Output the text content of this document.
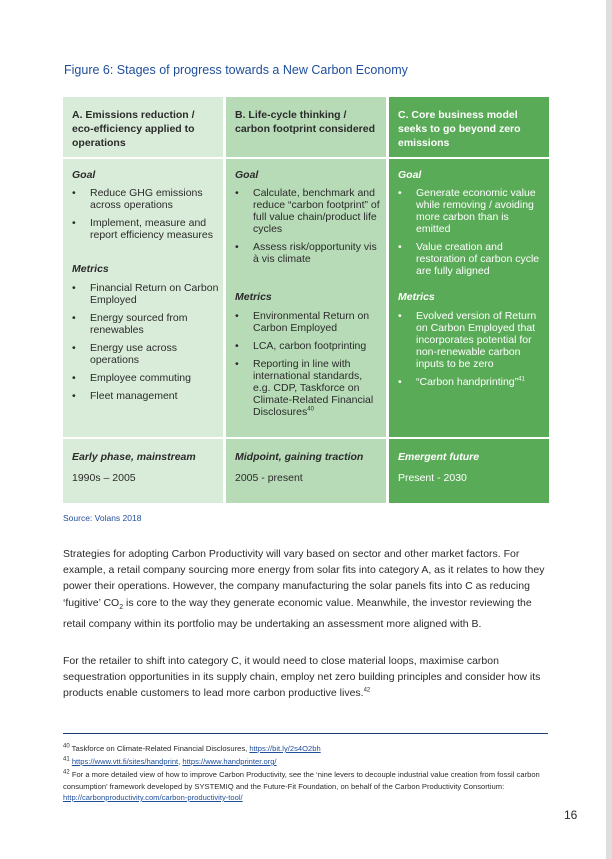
Figure 6: Stages of progress towards a New Carbon Economy
A. Emissions reduction / eco-efficiency applied to operations
Goal
• Reduce GHG emissions across operations
• Implement, measure and report efficiency measures
Metrics
• Financial Return on Carbon Employed
• Energy sourced from renewables
• Energy use across operations
• Employee commuting
• Fleet management
Early phase, mainstream
1990s – 2005
B. Life-cycle thinking / carbon footprint considered
Goal
• Calculate, benchmark and reduce “carbon footprint” of full value chain/product life cycles
• Assess risk/opportunity vis à vis climate
Metrics
• Environmental Return on Carbon Employed
• LCA, carbon footprinting
• Reporting in line with international standards, e.g. CDP, Taskforce on Climate-Related Financial Disclosures$^{40}$
Midpoint, gaining traction
2005 - present
C. Core business model seeks to go beyond zero emissions
Goal
• Generate economic value while removing / avoiding more carbon than is emitted
• Value creation and restoration of carbon cycle are fully aligned
Metrics
• Evolved version of Return on Carbon Employed that incorporates potential for non-renewable carbon inputs to be zero
• “Carbon handprinting”$^{41}$
Emergent future
Present - 2030
Source: Volans 2018

Strategies for adopting Carbon Productivity will vary based on sector and other market factors. For example, a retail company sourcing more energy from solar fits into category A, as it relates to how they power their operations. However, the company manufacturing the solar panels fits into C as reducing ‘fugitive’ $CO_2$ is core to the way they generate economic value. Meanwhile, the investor reviewing the retail company within its portfolio may be undertaking an assessment more aligned with B.

For the retailer to shift into category C, it would need to close material loops, maximise carbon sequestration opportunities in its supply chain, employ net zero building principles and consider how its products enable customers to lead more carbon productive lives.$^{42}$

$^{40}$ Taskforce on Climate-Related Financial Disclosures, https://bit.ly/2s4O2bh

$^{41}$ https://www.vtt.fi/sites/handprint, https://www.handprinter.org/

$^{42}$ For a more detailed view of how to improve Carbon Productivity, see the ‘nine levers to decouple industrial value creation from fossil carbon consumption’ framework developed by SYSTEMIQ and the Future-Fit Foundation, on behalf of the Carbon Productivity Consortium: http://carbonproductivity.com/carbon-productivity-tool/

16
